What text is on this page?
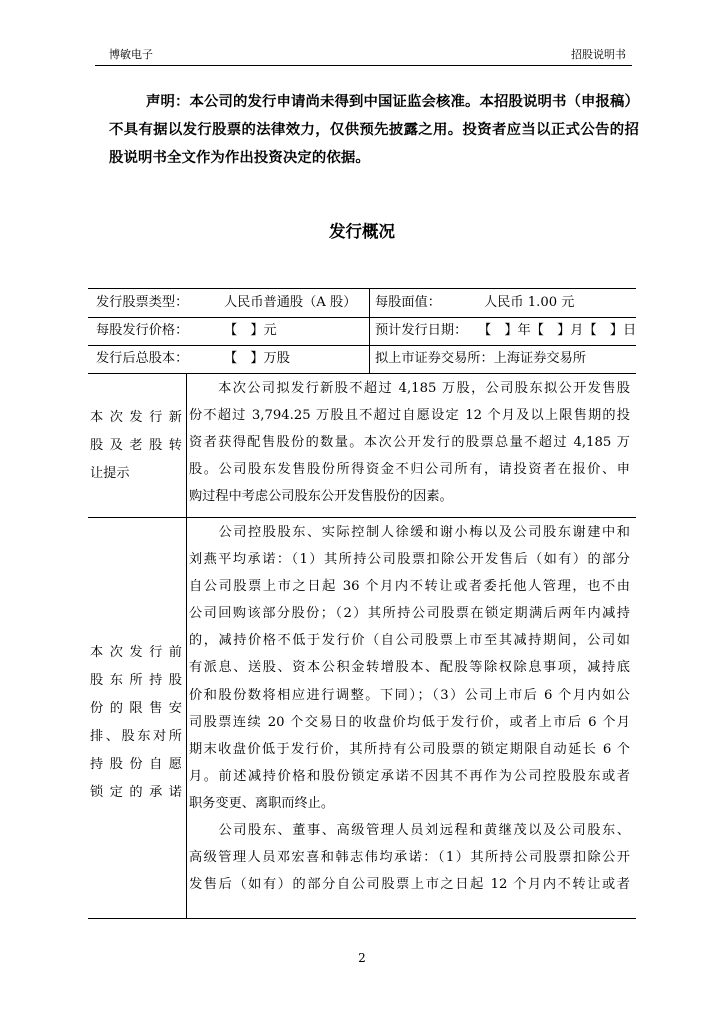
博敏电子	招股说明书
声明：本公司的发行申请尚未得到中国证监会核准。本招股说明书（申报稿）不具有据以发行股票的法律效力，仅供预先披露之用。投资者应当以正式公告的招股说明书全文作为作出投资决定的依据。
发行概况
发行股票类型：	人民币普通股（A 股） 每股面值：	人民币 1.00 元
每股发行价格：	【　】元	预计发行日期： 【　】年【　】月【　】日
发行后总股本：	【　】万股	拟上市证券交易所：上海证券交易所
本次发行新
股及老股转
让提示
　　本次公司拟发行新股不超过 4,185 万股，公司股东拟公开发售股
份不超过 3,794.25 万股且不超过自愿设定 12 个月及以上限售期的投
资者获得配售股份的数量。本次公开发行的股票总量不超过 4,185 万
股。公司股东发售股份所得资金不归公司所有，请投资者在报价、申
购过程中考虑公司股东公开发售股份的因素。
本次发行前
股东所持股
份的限售安
排、股东对所
持股份自愿
锁定的承诺
　　公司控股股东、实际控制人徐缓和谢小梅以及公司股东谢建中和
刘燕平均承诺：（1）其所持公司股票扣除公开发售后（如有）的部分
自公司股票上市之日起 36 个月内不转让或者委托他人管理，也不由
公司回购该部分股份；（2）其所持公司股票在锁定期满后两年内减持
的，减持价格不低于发行价（自公司股票上市至其减持期间，公司如
有派息、送股、资本公积金转增股本、配股等除权除息事项，减持底
价和股份数将相应进行调整。下同）；（3）公司上市后 6 个月内如公
司股票连续 20 个交易日的收盘价均低于发行价，或者上市后 6 个月
期末收盘价低于发行价，其所持有公司股票的锁定期限自动延长 6 个
月。前述减持价格和股份锁定承诺不因其不再作为公司控股股东或者
职务变更、离职而终止。
　　公司股东、董事、高级管理人员刘远程和黄继茂以及公司股东、
高级管理人员邓宏喜和韩志伟均承诺：（1）其所持公司股票扣除公开
发售后（如有）的部分自公司股票上市之日起 12 个月内不转让或者
2
